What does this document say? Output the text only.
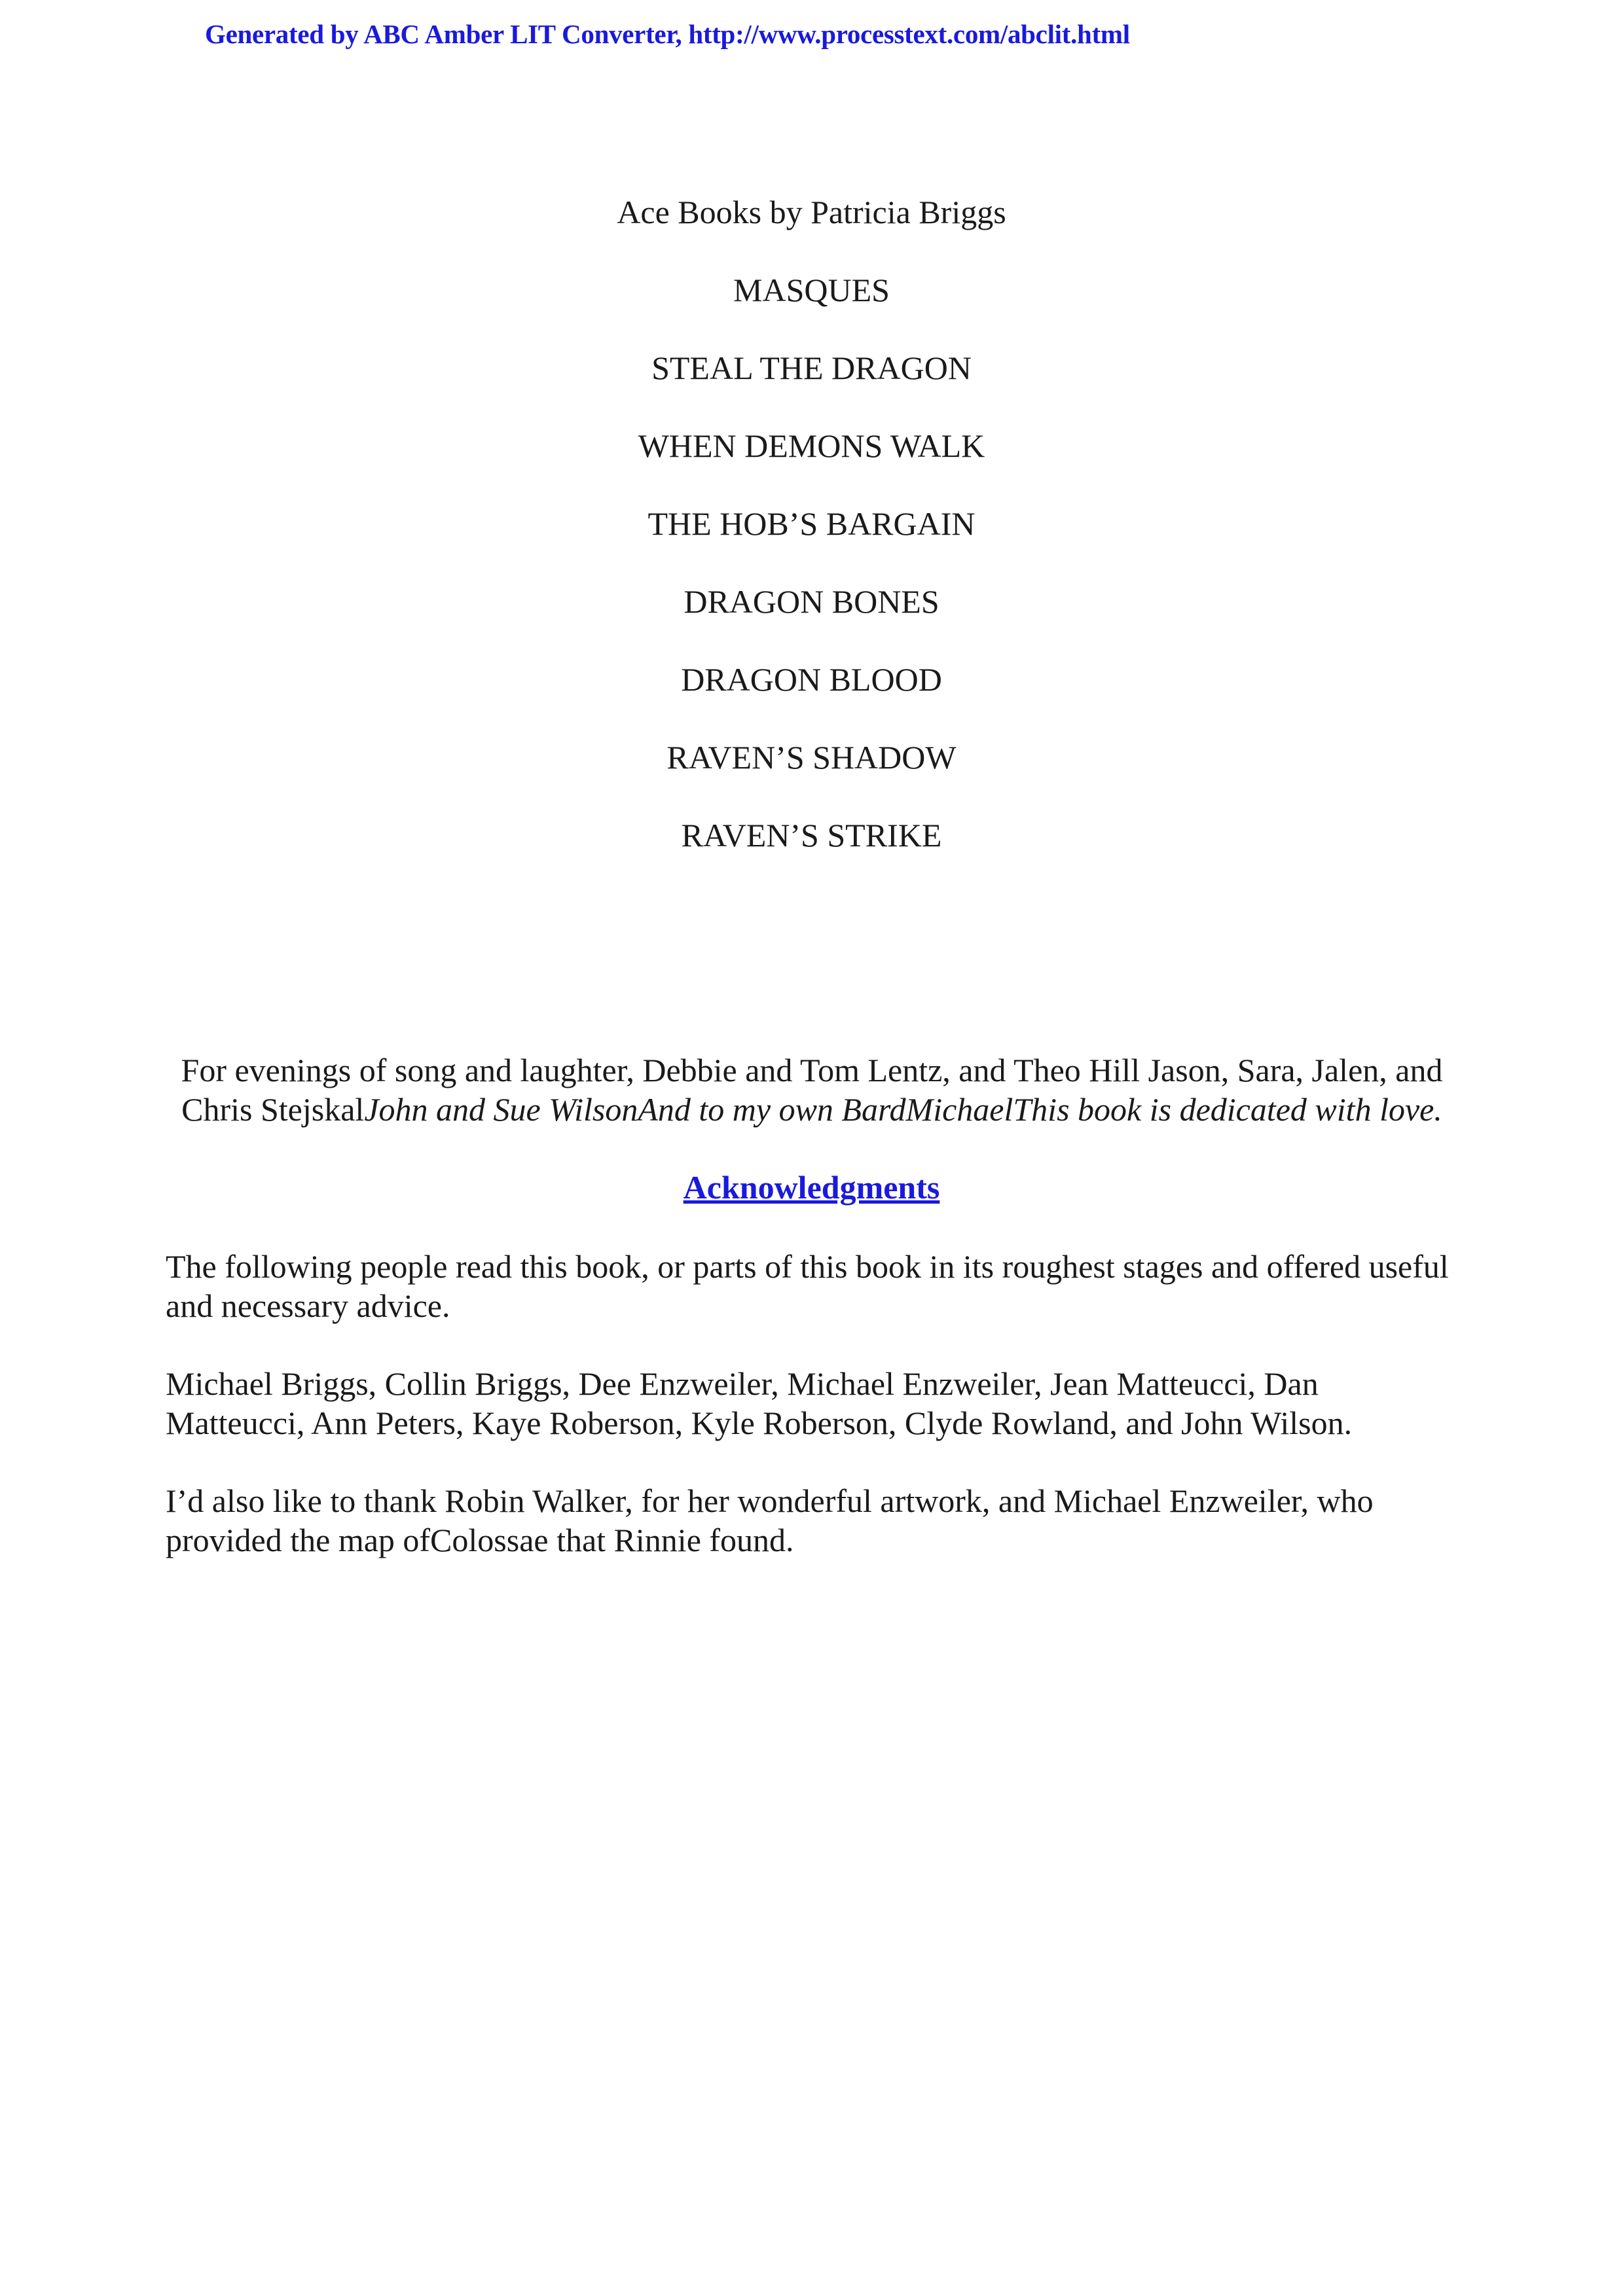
Generated by ABC Amber LIT Converter, http://www.processtext.com/abclit.html
Ace Books by Patricia Briggs
MASQUES
STEAL THE DRAGON
WHEN DEMONS WALK
THE HOB’S BARGAIN
DRAGON BONES
DRAGON BLOOD
RAVEN’S SHADOW
RAVEN’S STRIKE
For evenings of song and laughter, Debbie and Tom Lentz, and Theo Hill Jason, Sara, Jalen, and Chris StejskalJohn and Sue WilsonAnd to my own BardMichaelThis book is dedicated with love.
Acknowledgments
The following people read this book, or parts of this book in its roughest stages and offered useful and necessary advice.
Michael Briggs, Collin Briggs, Dee Enzweiler, Michael Enzweiler, Jean Matteucci, Dan Matteucci, Ann Peters, Kaye Roberson, Kyle Roberson, Clyde Rowland, and John Wilson.
I’d also like to thank Robin Walker, for her wonderful artwork, and Michael Enzweiler, who provided the map ofColossae that Rinnie found.
